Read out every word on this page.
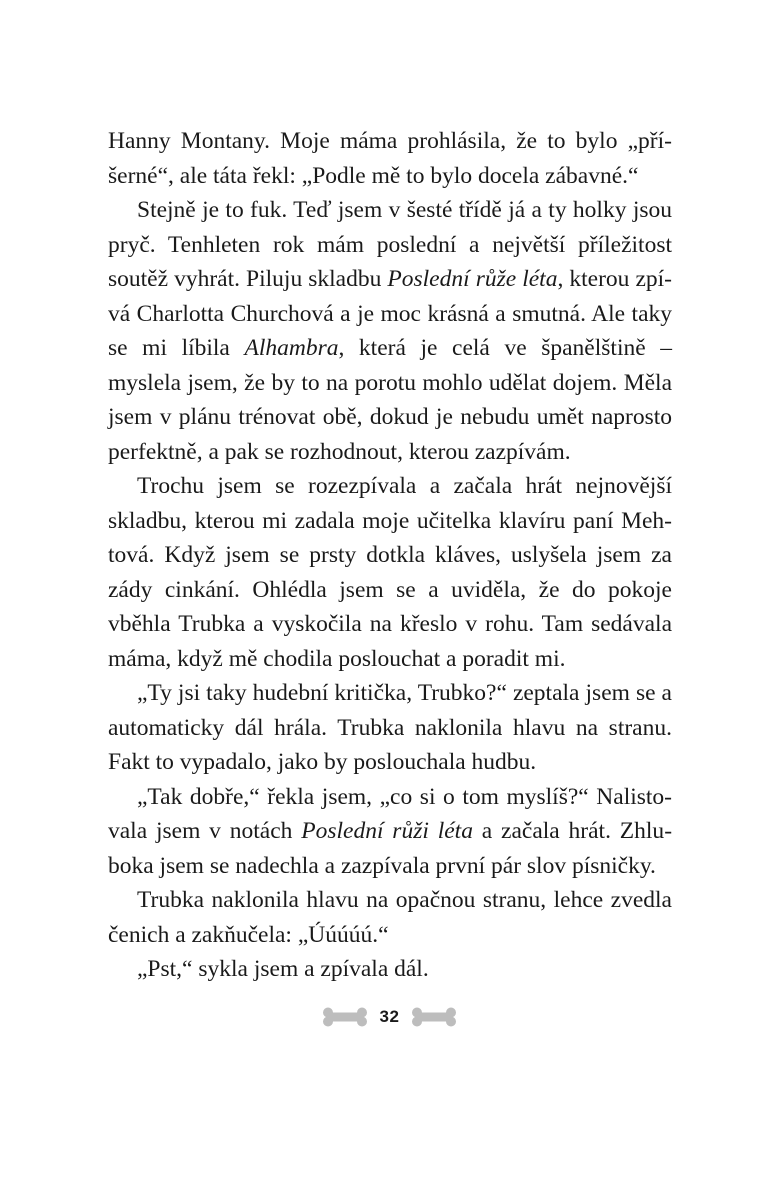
Hanny Montany. Moje máma prohlásila, že to bylo „příšerné“, ale táta řekl: „Podle mě to bylo docela zábavné.“

Stejně je to fuk. Teď jsem v šesté třídě já a ty holky jsou pryč. Tenhleten rok mám poslední a největší příležitost soutěž vyhrát. Piluju skladbu Poslední růže léta, kterou zpívá Charlotta Churchová a je moc krásná a smutná. Ale taky se mi líbila Alhambra, která je celá ve španělštině – myslela jsem, že by to na porotu mohlo udělat dojem. Měla jsem v plánu trénovat obě, dokud je nebudu umět naprosto perfektně, a pak se rozhodnout, kterou zazpívám.

Trochu jsem se rozezpívala a začala hrát nejnovější skladbu, kterou mi zadala moje učitelka klavíru paní Mehtová. Když jsem se prsty dotkla kláves, uslyšela jsem za zády cinkání. Ohlédla jsem se a uviděla, že do pokoje vběhla Trubka a vyskočila na křeslo v rohu. Tam sedávala máma, když mě chodila poslouchat a poradit mi.

„Ty jsi taky hudební kritička, Trubko?“ zeptala jsem se a automaticky dál hrála. Trubka naklonila hlavu na stranu. Fakt to vypadalo, jako by poslouchala hudbu.

„Tak dobře,“ řekla jsem, „co si o tom myslíš?“ Nalistovala jsem v notách Poslední růži léta a začala hrát. Zhluboka jsem se nadechla a zazpívala první pár slov písničky.

Trubka naklonila hlavu na opačnou stranu, lehce zvedla čenich a zakňučela: „Úúúúú.“

„Pst,“ sykla jsem a zpívala dál.

32
